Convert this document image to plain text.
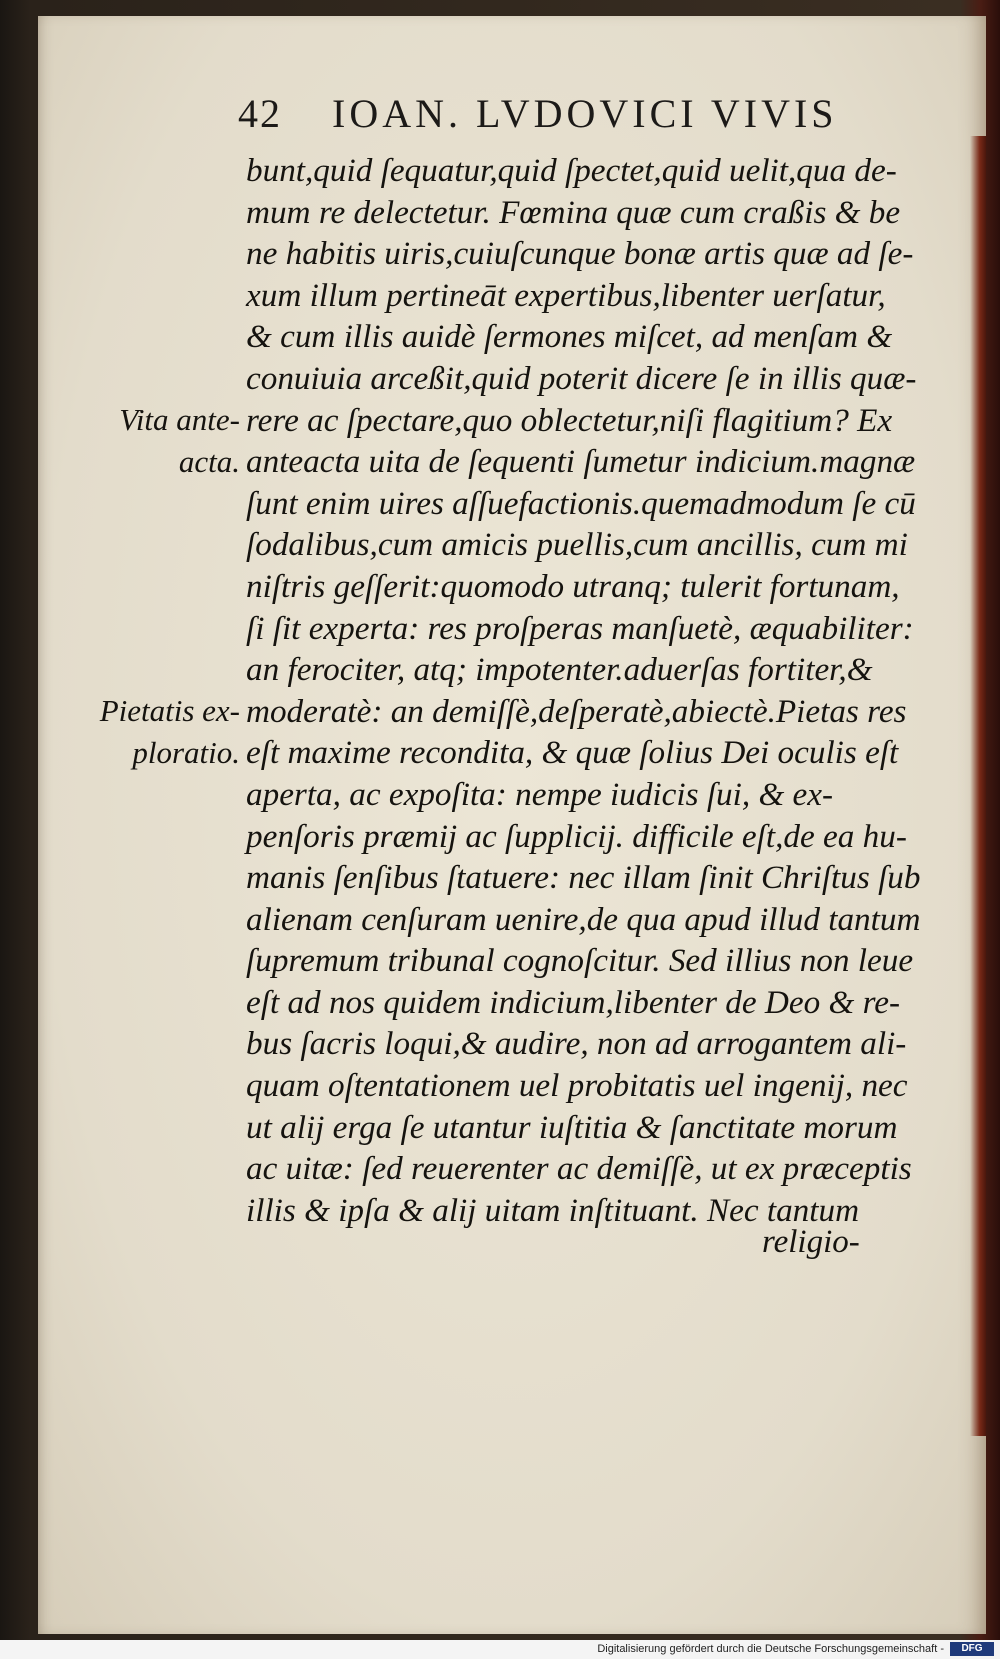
42 IOAN. LVDOVICI VIVIS
Vita ante-
acta.
Pietatis ex-
ploratio.
bunt,quid ſequatur,quid ſpectet,quid uelit,qua de-
mum re delectetur. Fœmina quæ cum craßis & be
ne habitis uiris,cuiuſcunque bonæ artis quæ ad ſe-
xum illum pertineāt expertibus,libenter uerſatur,
& cum illis auidè ſermones miſcet, ad menſam &
conuiuia arceßit,quid poterit dicere ſe in illis quæ-
rere ac ſpectare,quo oblectetur,niſi flagitium? Ex
anteacta uita de ſequenti ſumetur indicium.magnæ
ſunt enim uires aſſuefactionis.quemadmodum ſe cū
ſodalibus,cum amicis puellis,cum ancillis, cum mi
niſtris geſſerit:quomodo utranq; tulerit fortunam,
ſi ſit experta: res proſperas manſuetè, æquabiliter:
an ferociter, atq; impotenter.aduerſas fortiter,&
moderatè: an demiſſè,deſperatè,abiectè.Pietas res
eſt maxime recondita, & quæ ſolius Dei oculis eſt
aperta, ac expoſita: nempe iudicis ſui, & ex-
penſoris præmij ac ſupplicij. difficile eſt,de ea hu-
manis ſenſibus ſtatuere: nec illam ſinit Chriſtus ſub
alienam cenſuram uenire,de qua apud illud tantum
ſupremum tribunal cognoſcitur. Sed illius non leue
eſt ad nos quidem indicium,libenter de Deo & re-
bus ſacris loqui,& audire, non ad arrogantem ali-
quam oſtentationem uel probitatis uel ingenij, nec
ut alij erga ſe utantur iuſtitia & ſanctitate morum
ac uitæ: ſed reuerenter ac demiſſè, ut ex præceptis
illis & ipſa & alij uitam inſtituant. Nec tantum
religio-
Digitalisierung gefördert durch die Deutsche Forschungsgemeinschaft -	DFG
